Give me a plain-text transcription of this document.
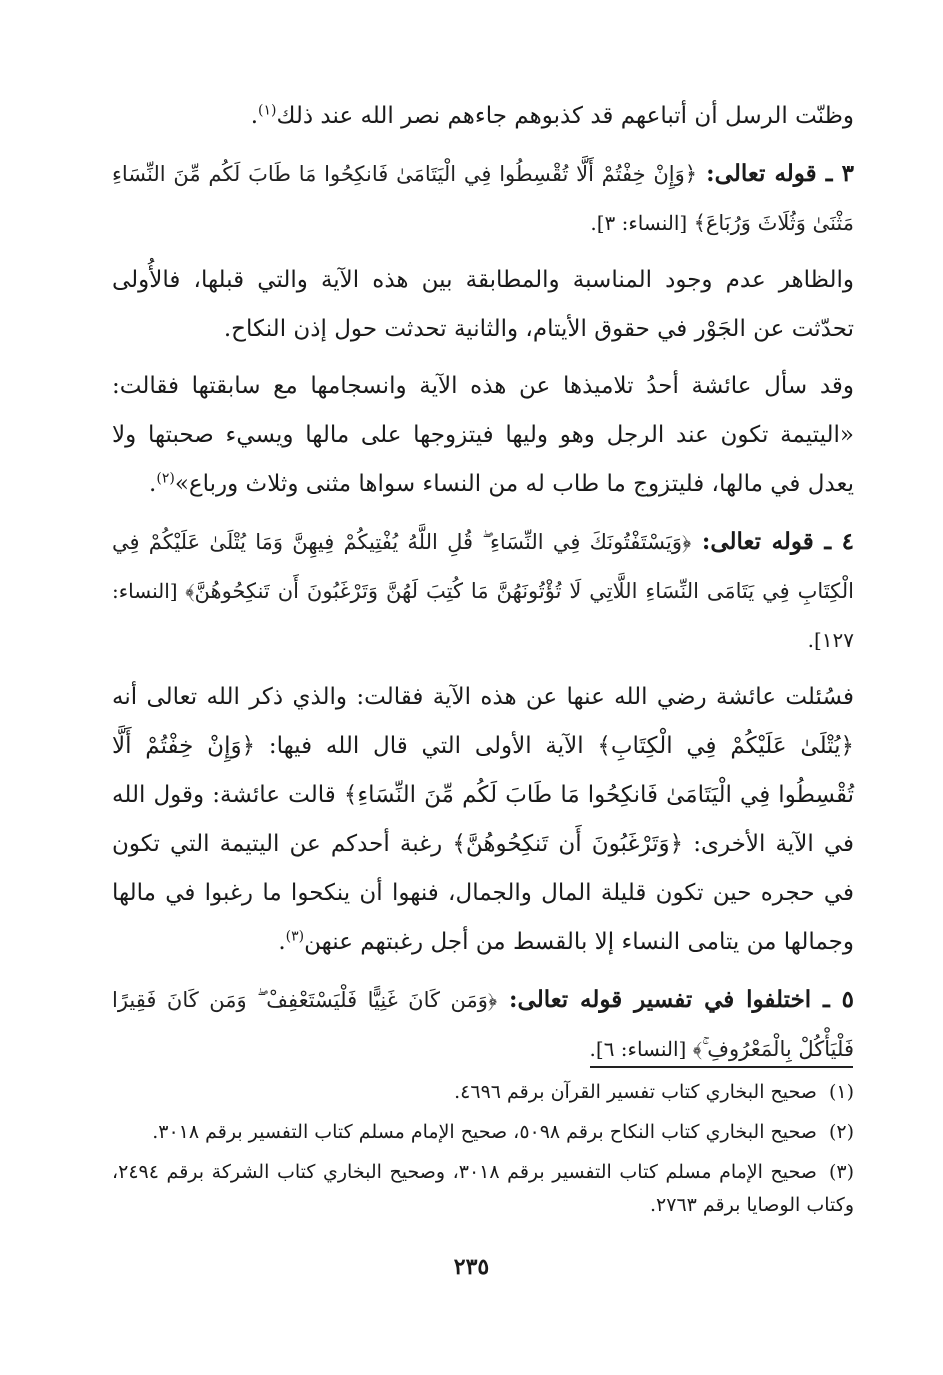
وظنّت الرسل أن أتباعهم قد كذبوهم جاءهم نصر الله عند ذلك$^{(١)}$.

٣ ـ قوله تعالى: ﴿وَإِنْ خِفْتُمْ أَلَّا تُقْسِطُوا فِي الْيَتَامَىٰ فَانكِحُوا مَا طَابَ لَكُم مِّنَ النِّسَاءِ مَثْنَىٰ وَثُلَاثَ وَرُبَاعَ﴾ [النساء: ٣].

والظاهر عدم وجود المناسبة والمطابقة بين هذه الآية والتي قبلها، فالأُولى تحدّثت عن الجَوْر في حقوق الأيتام، والثانية تحدثت حول إذن النكاح.

وقد سأل عائشة أحدُ تلاميذها عن هذه الآية وانسجامها مع سابقتها فقالت: «اليتيمة تكون عند الرجل وهو وليها فيتزوجها على مالها ويسيء صحبتها ولا يعدل في مالها، فليتزوج ما طاب له من النساء سواها مثنى وثلاث ورباع»$^{(٢)}$.

٤ ـ قوله تعالى: ﴿وَيَسْتَفْتُونَكَ فِي النِّسَاءِ ۖ قُلِ اللَّهُ يُفْتِيكُمْ فِيهِنَّ وَمَا يُتْلَىٰ عَلَيْكُمْ فِي الْكِتَابِ فِي يَتَامَى النِّسَاءِ اللَّاتِي لَا تُؤْتُونَهُنَّ مَا كُتِبَ لَهُنَّ وَتَرْغَبُونَ أَن تَنكِحُوهُنَّ﴾ [النساء: ١٢٧].

فسُئلت عائشة رضي الله عنها عن هذه الآية فقالت: والذي ذكر الله تعالى أنه ﴿يُتْلَىٰ عَلَيْكُمْ فِي الْكِتَابِ﴾ الآية الأولى التي قال الله فيها: ﴿وَإِنْ خِفْتُمْ أَلَّا تُقْسِطُوا فِي الْيَتَامَىٰ فَانكِحُوا مَا طَابَ لَكُم مِّنَ النِّسَاءِ﴾ قالت عائشة: وقول الله في الآية الأخرى: ﴿وَتَرْغَبُونَ أَن تَنكِحُوهُنَّ﴾ رغبة أحدكم عن اليتيمة التي تكون في حجره حين تكون قليلة المال والجمال، فنهوا أن ينكحوا ما رغبوا في مالها وجمالها من يتامى النساء إلا بالقسط من أجل رغبتهم عنهن$^{(٣)}$.

٥ ـ اختلفوا في تفسير قوله تعالى: ﴿وَمَن كَانَ غَنِيًّا فَلْيَسْتَعْفِفْ ۖ وَمَن كَانَ فَقِيرًا فَلْيَأْكُلْ بِالْمَعْرُوفِ ۚ﴾ [النساء: ٦].

(١)صحيح البخاري كتاب تفسير القرآن برقم ٤٦٩٦.

(٢)صحيح البخاري كتاب النكاح برقم ٥٠٩٨، صحيح الإمام مسلم كتاب التفسير برقم ٣٠١٨.

(٣)صحيح الإمام مسلم كتاب التفسير برقم ٣٠١٨، وصحيح البخاري كتاب الشركة برقم ٢٤٩٤، وكتاب الوصايا برقم ٢٧٦٣.

٢٣٥
